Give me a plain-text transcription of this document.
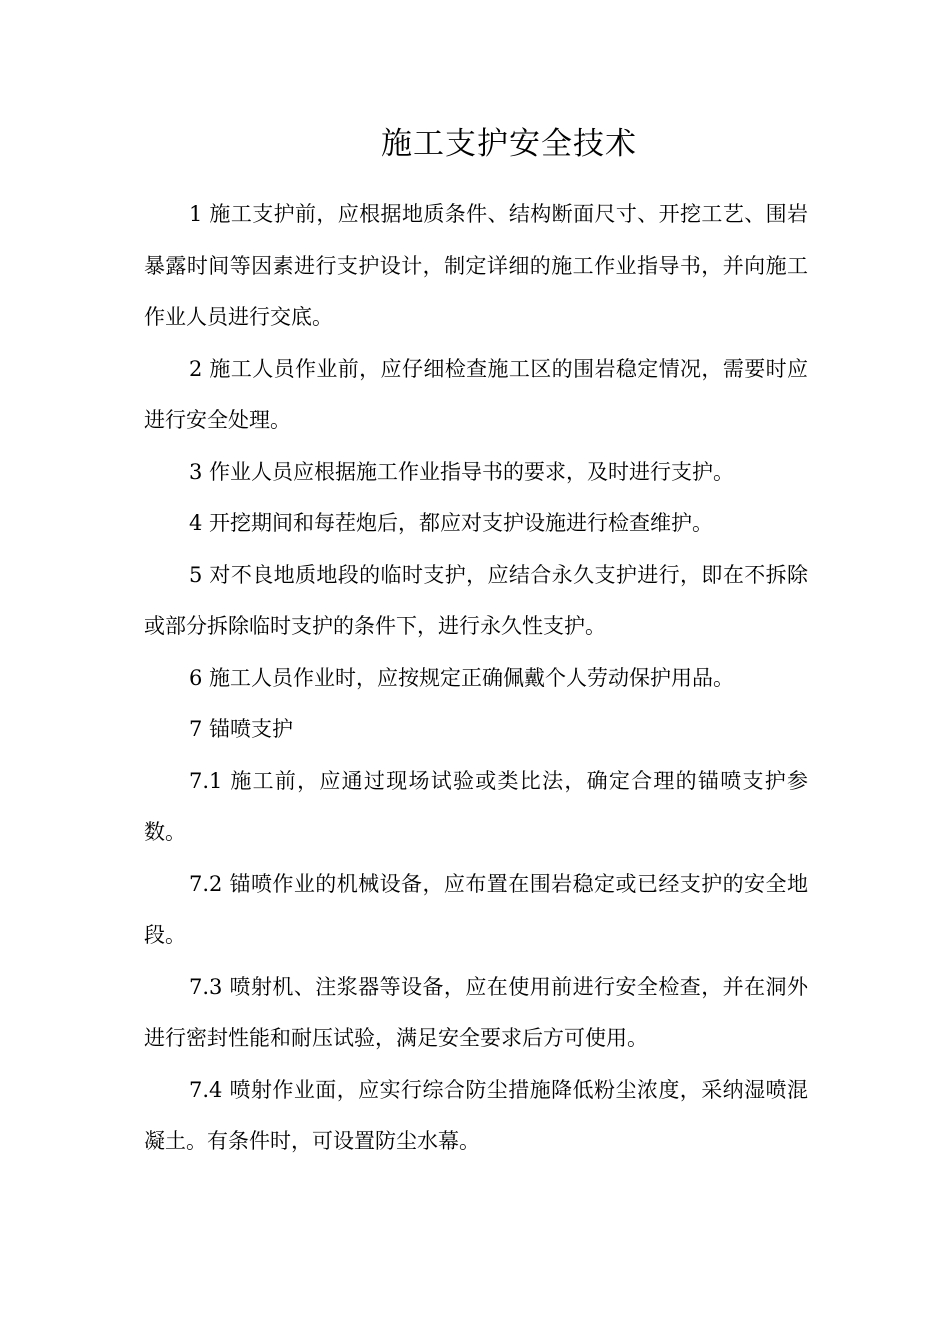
施工支护安全技术

1 施工支护前，应根据地质条件、结构断面尺寸、开挖工艺、围岩暴露时间等因素进行支护设计，制定详细的施工作业指导书，并向施工作业人员进行交底。

2 施工人员作业前，应仔细检查施工区的围岩稳定情况，需要时应进行安全处理。

3 作业人员应根据施工作业指导书的要求，及时进行支护。

4 开挖期间和每茬炮后，都应对支护设施进行检查维护。

5 对不良地质地段的临时支护，应结合永久支护进行，即在不拆除或部分拆除临时支护的条件下，进行永久性支护。

6 施工人员作业时，应按规定正确佩戴个人劳动保护用品。

7 锚喷支护

7.1 施工前，应通过现场试验或类比法，确定合理的锚喷支护参数。

7.2 锚喷作业的机械设备，应布置在围岩稳定或已经支护的安全地段。

7.3 喷射机、注浆器等设备，应在使用前进行安全检查，并在洞外进行密封性能和耐压试验，满足安全要求后方可使用。

7.4 喷射作业面，应实行综合防尘措施降低粉尘浓度，采纳湿喷混凝土。有条件时，可设置防尘水幕。
